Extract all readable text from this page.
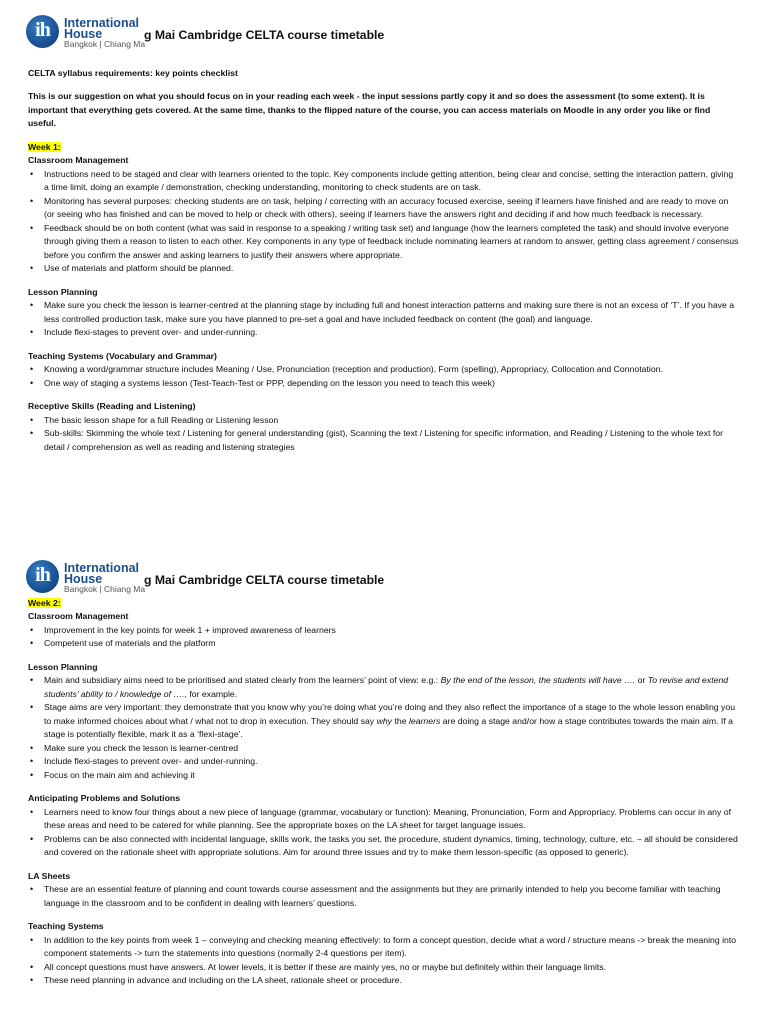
ih	International
House
Bangkok | Chiang Ma
g Mai Cambridge CELTA course timetable

CELTA syllabus requirements: key points checklist

This is our suggestion on what you should focus on in your reading each week - the input sessions partly copy it and so does the assessment (to some extent). It is important that everything gets covered. At the same time, thanks to the flipped nature of the course, you can access materials on Moodle in any order you like or find useful.

Week 1:

Classroom Management

• Instructions need to be staged and clear with learners oriented to the topic. Key components include getting attention, being clear and concise, setting the interaction pattern, giving a time limit, doing an example / demonstration, checking understanding, monitoring to check students are on task.
• Monitoring has several purposes: checking students are on task, helping / correcting with an accuracy focused exercise, seeing if learners have finished and are ready to move on (or seeing who has finished and can be moved to help or check with others), seeing if learners have the answers right and deciding if and how much feedback is necessary.
• Feedback should be on both content (what was said in response to a speaking / writing task set) and language (how the learners completed the task) and should involve everyone through giving them a reason to listen to each other. Key components in any type of feedback include nominating learners at random to answer, getting class agreement / consensus before you confirm the answer and asking learners to justify their answers where appropriate.
• Use of materials and platform should be planned.

Lesson Planning

• Make sure you check the lesson is learner-centred at the planning stage by including full and honest interaction patterns and making sure there is not an excess of ‘T’. If you have a less controlled production task, make sure you have planned to pre-set a goal and have included feedback on content (the goal) and language.
• Include flexi-stages to prevent over- and under-running.

Teaching Systems (Vocabulary and Grammar)

• Knowing a word/grammar structure includes Meaning / Use, Pronunciation (reception and production), Form (spelling), Appropriacy, Collocation and Connotation.
• One way of staging a systems lesson (Test-Teach-Test or PPP, depending on the lesson you need to teach this week)

Receptive Skills (Reading and Listening)

• The basic lesson shape for a full Reading or Listening lesson
• Sub-skills: Skimming the whole text / Listening for general understanding (gist), Scanning the text / Listening for specific information, and Reading / Listening to the whole text for detail / comprehension as well as reading and listening strategies
ih	International
House
Bangkok | Chiang Ma
g Mai Cambridge CELTA course timetable

Week 2:

Classroom Management

• Improvement in the key points for week 1 + improved awareness of learners
• Competent use of materials and the platform

Lesson Planning

• Main and subsidiary aims need to be prioritised and stated clearly from the learners’ point of view: e.g.: By the end of the lesson, the students will have …. or To revise and extend students’ ability to / knowledge of …., for example.
• Stage aims are very important: they demonstrate that you know why you’re doing what you’re doing and they also reflect the importance of a stage to the whole lesson enabling you to make informed choices about what / what not to drop in execution. They should say why the learners are doing a stage and/or how a stage contributes towards the main aim. If a stage is potentially flexible, mark it as a ‘flexi-stage’.
• Make sure you check the lesson is learner-centred
• Include flexi-stages to prevent over- and under-running.
• Focus on the main aim and achieving it

Anticipating Problems and Solutions

• Learners need to know four things about a new piece of language (grammar, vocabulary or function): Meaning, Pronunciation, Form and Appropriacy. Problems can occur in any of these areas and need to be catered for while planning. See the appropriate boxes on the LA sheet for target language issues.
• Problems can be also connected with incidental language, skills work, the tasks you set, the procedure, student dynamics, timing, technology, culture, etc. – all should be considered and covered on the rationale sheet with appropriate solutions. Aim for around three issues and try to make them lesson-specific (as opposed to generic).

LA Sheets

• These are an essential feature of planning and count towards course assessment and the assignments but they are primarily intended to help you become familiar with teaching language in the classroom and to be confident in dealing with learners’ questions.

Teaching Systems

• In addition to the key points from week 1 – conveying and checking meaning effectively: to form a concept question, decide what a word / structure means -> break the meaning into component statements -> turn the statements into questions (normally 2-4 questions per item).
• All concept questions must have answers. At lower levels, it is better if these are mainly yes, no or maybe but definitely within their language limits.
• These need planning in advance and including on the LA sheet, rationale sheet or procedure.
